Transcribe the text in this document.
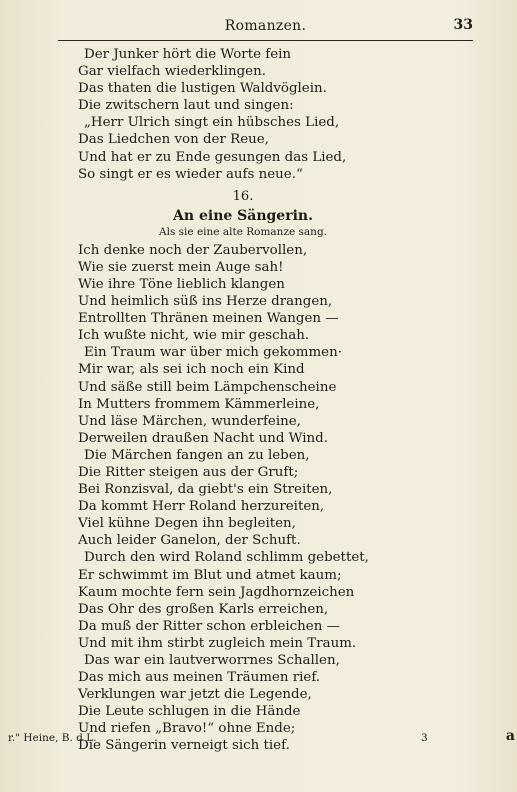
Romanzen.	33
Der Junker hört die Worte fein
Gar vielfach wiederklingen.
Das thaten die lustigen Waldvöglein.
Die zwitschern laut und singen:
„Herr Ulrich singt ein hübsches Lied,
Das Liedchen von der Reue,
Und hat er zu Ende gesungen das Lied,
So singt er es wieder aufs neue.“
16.
An eine Sängerin.
Als sie eine alte Romanze sang.
Ich denke noch der Zaubervollen,
Wie sie zuerst mein Auge sah!
Wie ihre Töne lieblich klangen
Und heimlich süß ins Herze drangen,
Entrollten Thränen meinen Wangen —
Ich wußte nicht, wie mir geschah.
Ein Traum war über mich gekommen·
Mir war, als sei ich noch ein Kind
Und säße still beim Lämpchenscheine
In Mutters frommem Kämmerleine,
Und läse Märchen, wunderfeine,
Derweilen draußen Nacht und Wind.
Die Märchen fangen an zu leben,
Die Ritter steigen aus der Gruft;
Bei Ronzisval, da giebt's ein Streiten,
Da kommt Herr Roland herzureiten,
Viel kühne Degen ihn begleiten,
Auch leider Ganelon, der Schuft.
Durch den wird Roland schlimm gebettet,
Er schwimmt im Blut und atmet kaum;
Kaum mochte fern sein Jagdhornzeichen
Das Ohr des großen Karls erreichen,
Da muß der Ritter schon erbleichen —
Und mit ihm stirbt zugleich mein Traum.
Das war ein lautverworrnes Schallen,
Das mich aus meinen Träumen rief.
Verklungen war jetzt die Legende,
Die Leute schlugen in die Hände
Und riefen „Bravo!“ ohne Ende;
Die Sängerin verneigt sich tief.
r." Heine, B. d L.	3	a
